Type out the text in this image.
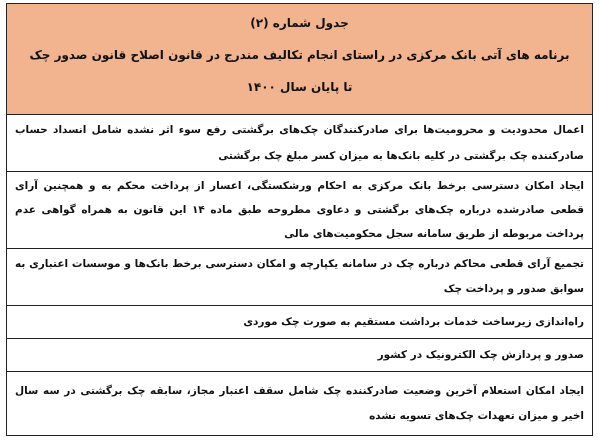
جدول شماره (۲)
برنامه های آتی بانک مرکزی در راستای انجام تکالیف مندرج در قانون اصلاح قانون صدور چک
تا پایان سال ۱۴۰۰
اعمال محدودیت و محرومیت‌ها برای صادرکنندگان چک‌های برگشتی رفع سوء اثر نشده شامل انسداد حساب صادرکننده چک برگشتی در کلیه بانک‌ها به میزان کسر مبلغ چک برگشتی
ایجاد امکان دسترسی برخط بانک مرکزی به احکام ورشکستگی، اعسار از پرداخت محکم به و همچنین آرای قطعی صادرشده درباره چک‌های برگشتی و دعاوی مطروحه طبق ماده ۱۴ این قانون به همراه گواهی عدم پرداخت مربوطه از طریق سامانه سجل محکومیت‌های مالی
تجمیع آرای قطعی محاکم درباره چک در سامانه یکپارچه و امکان دسترسی برخط بانک‌ها و موسسات اعتباری به سوابق صدور و پرداخت چک
راه‌اندازی زیرساخت خدمات برداشت مستقیم به صورت چک موردی
صدور و پردازش چک الکترونیک در کشور
ایجاد امکان استعلام آخرین وضعیت صادرکننده چک شامل سقف اعتبار مجاز، سابقه چک برگشتی در سه سال اخیر و میزان تعهدات چک‌های تسویه نشده
